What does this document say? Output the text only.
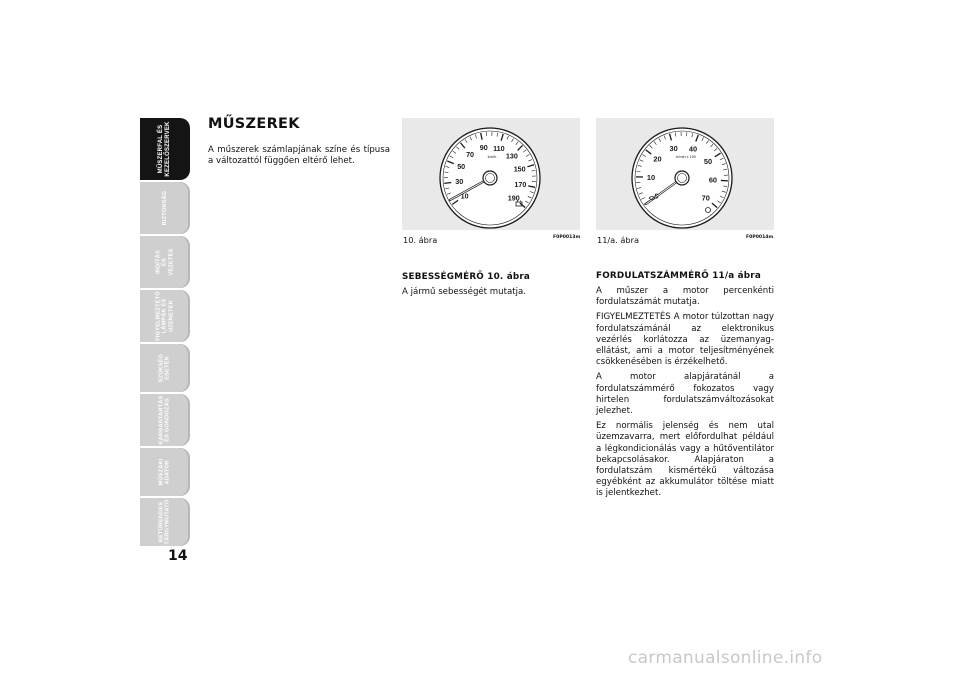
MŰSZERFAL ÉS
KEZELŐSZERVEK
BIZTONSÁG
INDÍTÁS ÉS
VEZETÉS
FIGYELMEZTETŐ
LÁMPÁK ÉS
ÜZENETEK
SZÜKSÉG
ESETÉN
KARBANTARTÁS
ÉS GONDOZÁS
MŰSZAKI
ADATOK
BETŰRENDES
TÁRGYMUTATÓ
14
MŰSZEREK
A műszerek számlapjának színe és típusa a változattól függően eltérő lehet.
10
30
50
70
90 110
130
150
170
190
km/h
10. ábra	F0P0013m
10
20
30 40
50
60
70
tr/min x 100
11/a. ábra	F0P0014m
SEBESSÉGMÉRŐ 10. ábra
A jármű sebességét mutatja.
FORDULATSZÁMMÉRŐ 11/a ábra

A műszer a motor percenkénti fordulatszámát mutatja.

FIGYELMEZTETÉS A motor túlzottan nagy fordulatszámánál az elektronikus vezérlés korlátozza az üzemanyag-ellátást, ami a motor teljesítményének csökkenésében is érzékelhető.

A motor alapjáratánál a fordulatszámmérő fokozatos vagy hirtelen fordulatszámváltozásokat jelezhet.

Ez normális jelenség és nem utal üzemzavarra, mert előfordulhat például a légkondicionálás vagy a hűtőventilátor bekapcsolásakor. Alapjáraton a fordulatszám kismértékű változása egyébként az akkumulátor töltése miatt is jelentkezhet.

carmanualsonline.info
